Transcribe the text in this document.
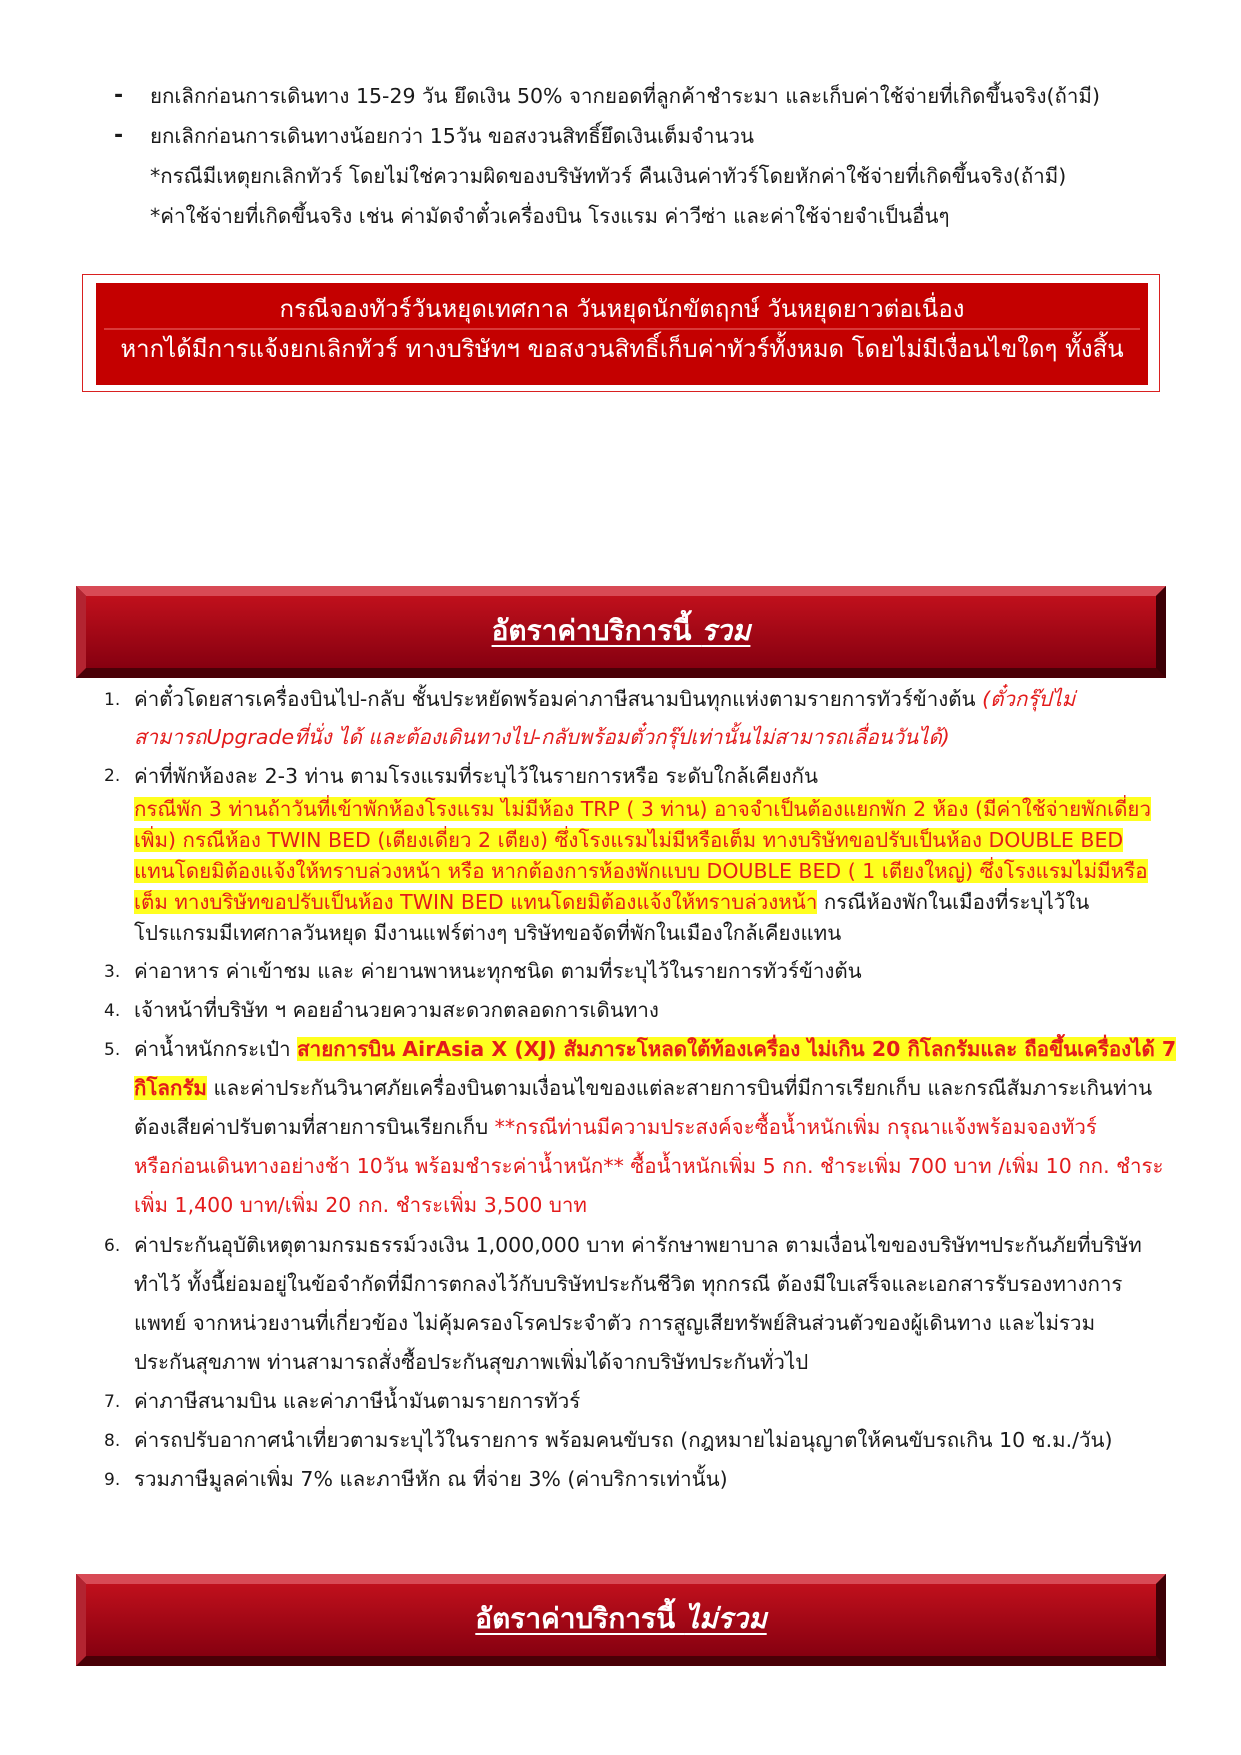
- ยกเลิกก่อนการเดินทาง 15-29 วัน ยึดเงิน 50% จากยอดที่ลูกค้าชำระมา และเก็บค่าใช้จ่ายที่เกิดขึ้นจริง(ถ้ามี)
- ยกเลิกก่อนการเดินทางน้อยกว่า 15วัน ขอสงวนสิทธิ์ยึดเงินเต็มจำนวน
*กรณีมีเหตุยกเลิกทัวร์ โดยไม่ใช่ความผิดของบริษัททัวร์ คืนเงินค่าทัวร์โดยหักค่าใช้จ่ายที่เกิดขึ้นจริง(ถ้ามี)
*ค่าใช้จ่ายที่เกิดขึ้นจริง เช่น ค่ามัดจำตั๋วเครื่องบิน โรงแรม ค่าวีซ่า และค่าใช้จ่ายจำเป็นอื่นๆ
กรณีจองทัวร์วันหยุดเทศกาล วันหยุดนักขัตฤกษ์ วันหยุดยาวต่อเนื่อง
หากได้มีการแจ้งยกเลิกทัวร์ ทางบริษัทฯ ขอสงวนสิทธิ์เก็บค่าทัวร์ทั้งหมด โดยไม่มีเงื่อนไขใดๆ ทั้งสิ้น
อัตราค่าบริการนี้ รวม
1. ค่าตั๋วโดยสารเครื่องบินไป-กลับ ชั้นประหยัดพร้อมค่าภาษีสนามบินทุกแห่งตามรายการทัวร์ข้างต้น (ตั๋วกรุ๊ปไม่
สามารถUpgradeที่นั่ง ได้ และต้องเดินทางไป-กลับพร้อมตั๋วกรุ๊ปเท่านั้นไม่สามารถเลื่อนวันได้)
2. ค่าที่พักห้องละ 2-3 ท่าน ตามโรงแรมที่ระบุไว้ในรายการหรือ ระดับใกล้เคียงกัน
กรณีพัก 3 ท่านถ้าวันที่เข้าพักห้องโรงแรม ไม่มีห้อง TRP ( 3 ท่าน) อาจจำเป็นต้องแยกพัก 2 ห้อง (มีค่าใช้จ่ายพักเดี่ยว
เพิ่ม) กรณีห้อง TWIN BED (เตียงเดี่ยว 2 เตียง) ซึ่งโรงแรมไม่มีหรือเต็ม ทางบริษัทขอปรับเป็นห้อง DOUBLE BED
แทนโดยมิต้องแจ้งให้ทราบล่วงหน้า หรือ หากต้องการห้องพักแบบ DOUBLE BED ( 1 เตียงใหญ่) ซึ่งโรงแรมไม่มีหรือ
เต็ม ทางบริษัทขอปรับเป็นห้อง TWIN BED แทนโดยมิต้องแจ้งให้ทราบล่วงหน้า กรณีห้องพักในเมืองที่ระบุไว้ใน
โปรแกรมมีเทศกาลวันหยุด มีงานแฟร์ต่างๆ บริษัทขอจัดที่พักในเมืองใกล้เคียงแทน
3. ค่าอาหาร ค่าเข้าชม และ ค่ายานพาหนะทุกชนิด ตามที่ระบุไว้ในรายการทัวร์ข้างต้น
4. เจ้าหน้าที่บริษัท ฯ คอยอำนวยความสะดวกตลอดการเดินทาง
5. ค่าน้ำหนักกระเป๋า สายการบิน AirAsia X (XJ) สัมภาระโหลดใต้ท้องเครื่อง ไม่เกิน 20 กิโลกรัมและ ถือขึ้นเครื่องได้ 7
กิโลกรัม และค่าประกันวินาศภัยเครื่องบินตามเงื่อนไขของแต่ละสายการบินที่มีการเรียกเก็บ และกรณีสัมภาระเกินท่าน
ต้องเสียค่าปรับตามที่สายการบินเรียกเก็บ **กรณีท่านมีความประสงค์จะซื้อน้ำหนักเพิ่ม กรุณาแจ้งพร้อมจองทัวร์
หรือก่อนเดินทางอย่างช้า 10วัน พร้อมชำระค่าน้ำหนัก** ซื้อน้ำหนักเพิ่ม 5 กก. ชำระเพิ่ม 700 บาท /เพิ่ม 10 กก. ชำระ
เพิ่ม 1,400 บาท/เพิ่ม 20 กก. ชำระเพิ่ม 3,500 บาท
6. ค่าประกันอุบัติเหตุตามกรมธรรม์วงเงิน 1,000,000 บาท ค่ารักษาพยาบาล ตามเงื่อนไขของบริษัทฯประกันภัยที่บริษัท
ทำไว้ ทั้งนี้ย่อมอยู่ในข้อจำกัดที่มีการตกลงไว้กับบริษัทประกันชีวิต ทุกกรณี ต้องมีใบเสร็จและเอกสารรับรองทางการ
แพทย์ จากหน่วยงานที่เกี่ยวข้อง ไม่คุ้มครองโรคประจำตัว การสูญเสียทรัพย์สินส่วนตัวของผู้เดินทาง และไม่รวม
ประกันสุขภาพ ท่านสามารถสั่งซื้อประกันสุขภาพเพิ่มได้จากบริษัทประกันทั่วไป
7. ค่าภาษีสนามบิน และค่าภาษีน้ำมันตามรายการทัวร์
8. ค่ารถปรับอากาศนำเที่ยวตามระบุไว้ในรายการ พร้อมคนขับรถ (กฎหมายไม่อนุญาตให้คนขับรถเกิน 10 ช.ม./วัน)
9. รวมภาษีมูลค่าเพิ่ม 7% และภาษีหัก ณ ที่จ่าย 3% (ค่าบริการเท่านั้น)
อัตราค่าบริการนี้ ไม่รวม
